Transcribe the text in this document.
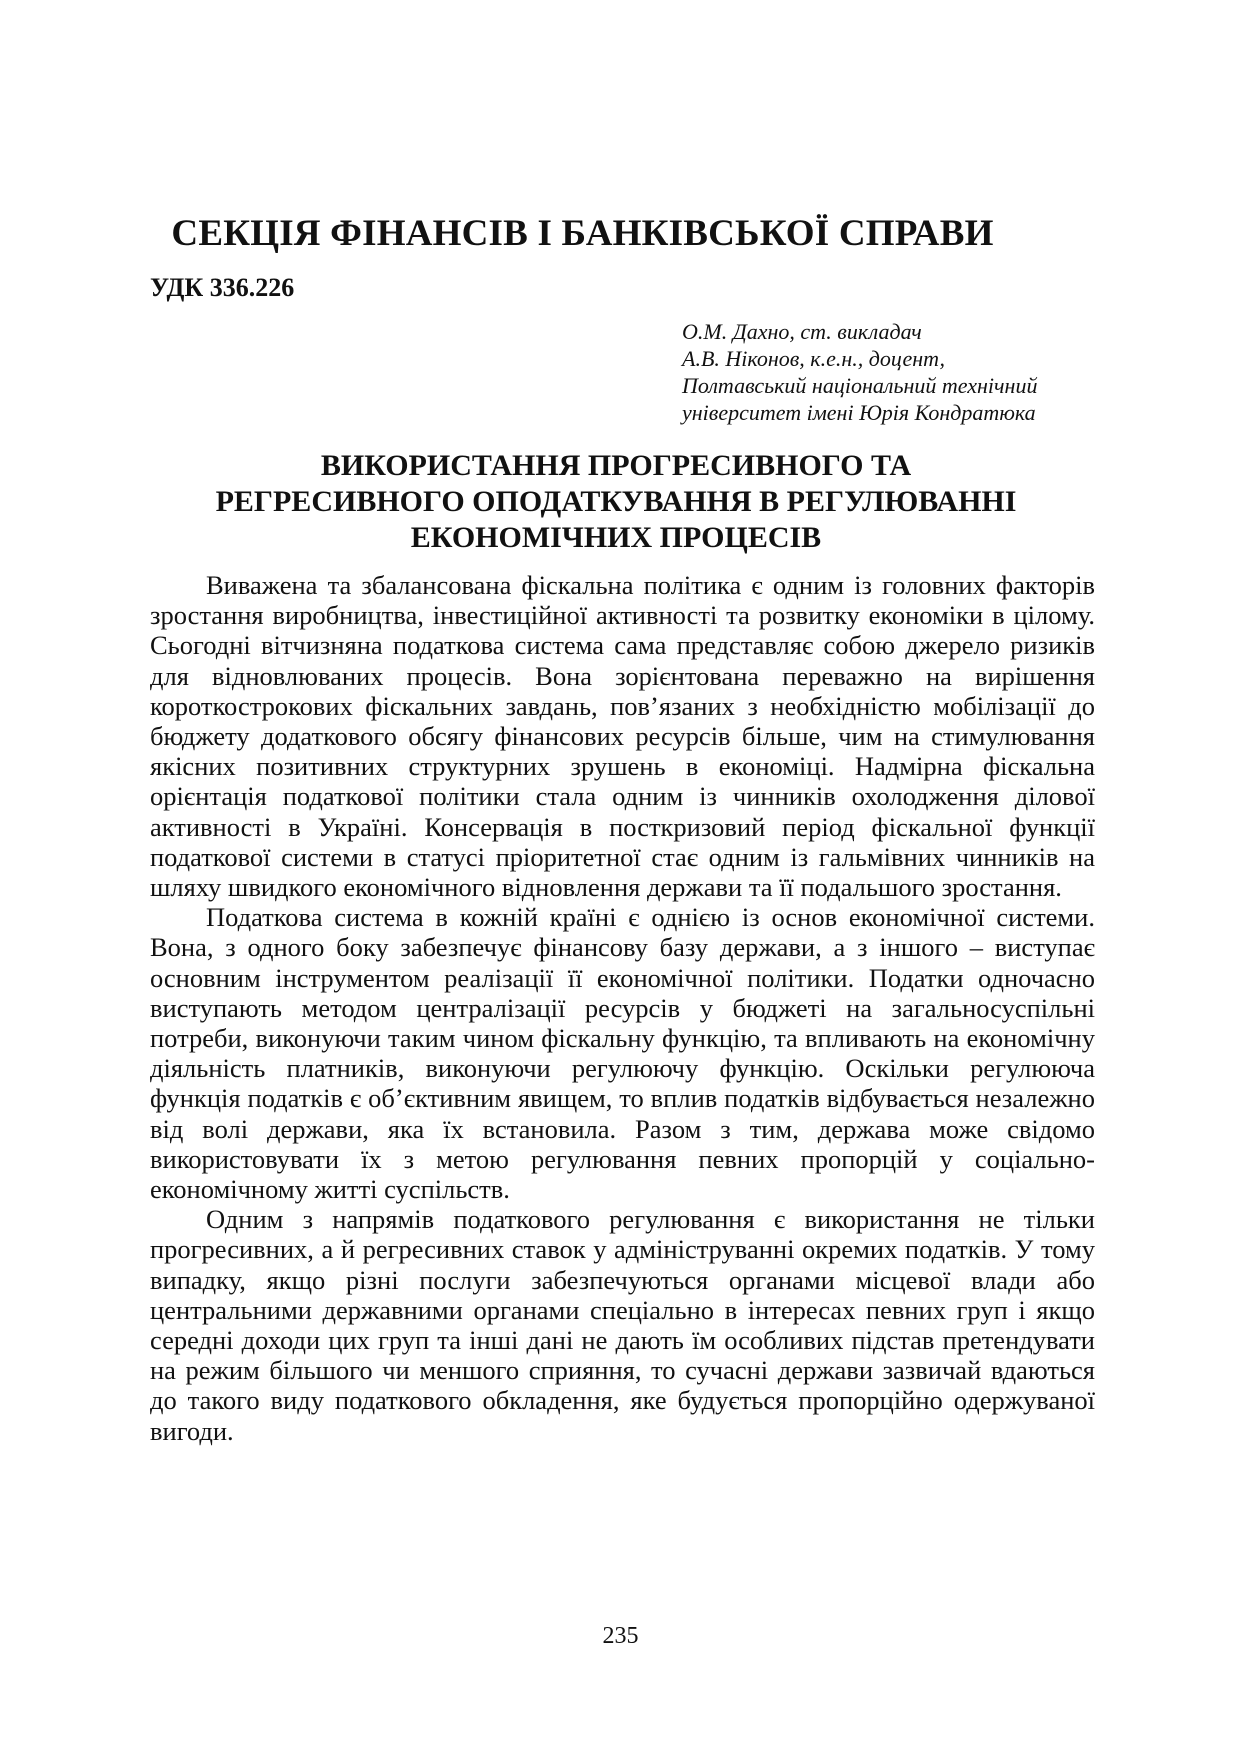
СЕКЦІЯ ФІНАНСІВ І БАНКІВСЬКОЇ СПРАВИ
УДК 336.226
О.М. Дахно, ст. викладач
А.В. Ніконов, к.е.н., доцент,
Полтавський національний технічний
університет імені Юрія Кондратюка
ВИКОРИСТАННЯ ПРОГРЕСИВНОГО ТА
РЕГРЕСИВНОГО ОПОДАТКУВАННЯ В РЕГУЛЮВАННІ
ЕКОНОМІЧНИХ ПРОЦЕСІВ

Виважена та збалансована фіскальна політика є одним із головних факторів зростання виробництва, інвестиційної активності та розвитку економіки в цілому. Сьогодні вітчизняна податкова система сама представляє собою джерело ризиків для відновлюваних процесів. Вона зорієнтована переважно на вирішення короткострокових фіскальних завдань, пов’язаних з необхідністю мобілізації до бюджету додаткового обсягу фінансових ресурсів більше, чим на стимулювання якісних позитивних структурних зрушень в економіці. Надмірна фіскальна орієнтація податкової політики стала одним із чинників охолодження ділової активності в Україні. Консервація в посткризовий період фіскальної функції податкової системи в статусі пріоритетної стає одним із гальмівних чинників на шляху швидкого економічного відновлення держави та її подальшого зростання.

Податкова система в кожній країні є однією із основ економічної системи. Вона, з одного боку забезпечує фінансову базу держави, а з іншого – виступає основним інструментом реалізації її економічної політики. Податки одночасно виступають методом централізації ресурсів у бюджеті на загальносуспільні потреби, виконуючи таким чином фіскальну функцію, та впливають на економічну діяльність платників, виконуючи регулюючу функцію. Оскільки регулююча функція податків є об’єктивним явищем, то вплив податків відбувається незалежно від волі держави, яка їх встановила. Разом з тим, держава може свідомо використовувати їх з метою регулювання певних пропорцій у соціально-економічному житті суспільств.

Одним з напрямів податкового регулювання є використання не тільки прогресивних, а й регресивних ставок у адмініструванні окремих податків. У тому випадку, якщо різні послуги забезпечуються органами місцевої влади або центральними державними органами спеціально в інтересах певних груп і якщо середні доходи цих груп та інші дані не дають їм особливих підстав претендувати на режим більшого чи меншого сприяння, то сучасні держави зазвичай вдаються до такого виду податкового обкладення, яке будується пропорційно одержуваної вигоди.

235
